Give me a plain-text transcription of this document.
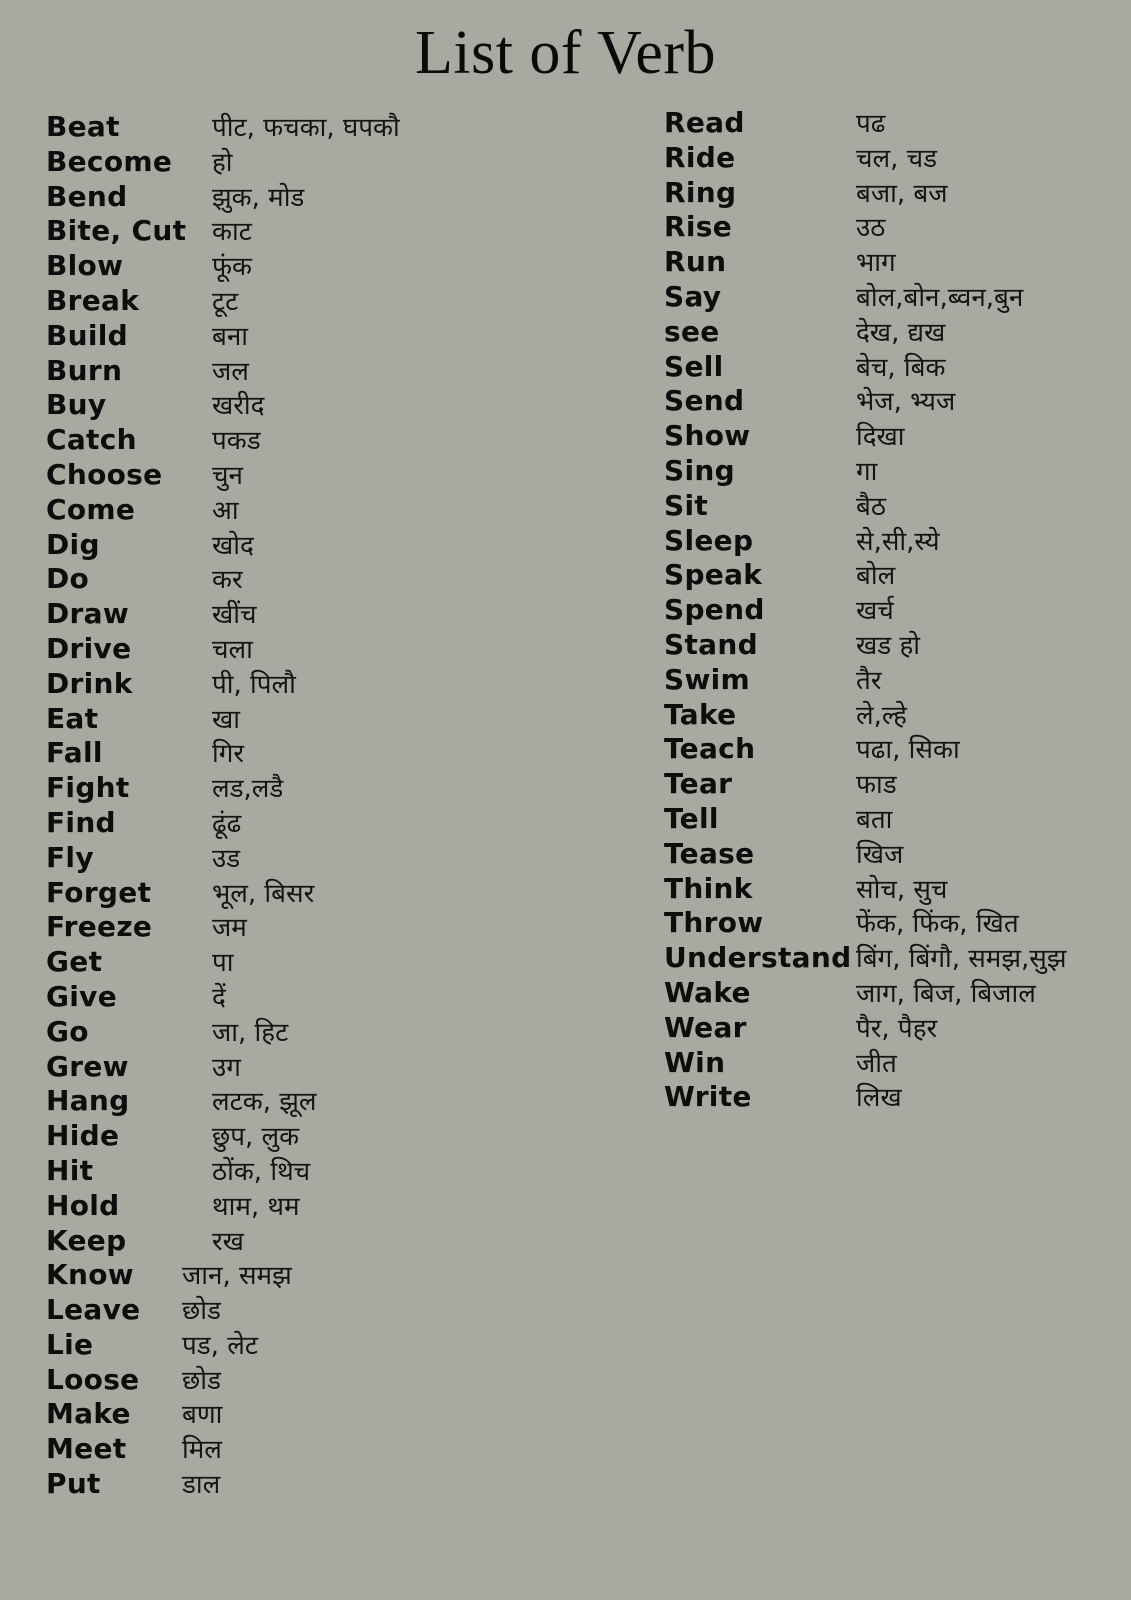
List of Verb
Beat	पीट, फचका, घपकौ
Become हो
Bend	झुक, मोड
Bite, Cut काट
Blow	फूंक
Break	टूट
Build	बना
Burn	जल
Buy	खरीद
Catch	पकड
Choose चुन
Come	आ
Dig	खोद
Do	कर
Draw	खींच
Drive	चला
Drink	पी, पिलौ
Eat	खा
Fall	गिर
Fight	लड,लडै
Find	ढूंढ
Fly	उड
Forget भूल, बिसर
Freeze जम
Get	पा
Give	दें
Go	जा, हिट
Grew	उग
Hang	लटक, झूल
Hide	छुप, लुक
Hit	ठोंक, थिच
Hold	थाम, थम
Keep	रख
Know जान, समझ
Leave छोड
Lie	पड, लेट
Loose छोड
Make बणा
Meet मिल
Put	डाल
Read	पढ
Ride	चल, चड
Ring	बजा, बज
Rise	उठ
Run	भाग
Say	बोल,बोन,ब्वन,बुन
see	देख, द्यख
Sell	बेच, बिक
Send	भेज, भ्यज
Show	दिखा
Sing	गा
Sit	बैठ
Sleep	से,सी,स्ये
Speak	बोल
Spend	खर्च
Stand	खड हो
Swim	तैर
Take	ले,ल्हे
Teach	पढा, सिका
Tear	फाड
Tell	बता
Tease	खिज
Think	सोच, सुच
Throw	फेंक, फिंक, खित
Understand बिंग, बिंगौ, समझ,सुझ
Wake	जाग, बिज, बिजाल
Wear	पैर, पैहर
Win	जीत
Write	लिख
